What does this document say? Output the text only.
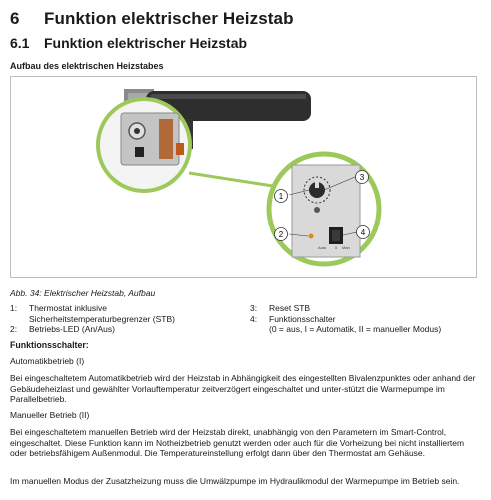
6 Funktion elektrischer Heizstab
6.1 Funktion elektrischer Heizstab
Aufbau des elektrischen Heizstabes
Auto 0 Man
1
3
2	4
Abb. 34: Elektrischer Heizstab, Aufbau
1: Thermostat inklusive
Sicherheitstemperaturbegrenzer (STB)
2: Betriebs-LED (An/Aus)
3: Reset STB
4: Funktionsschalter
(0 = aus, I = Automatik, II = manueller Modus)
Funktionsschalter:
Automatikbetrieb (I)
Bei eingeschaltetem Automatikbetrieb wird der Heizstab in Abhängigkeit des eingestellten Bivalenzpunktes oder anhand der Gebäudeheizlast und gewählter Vorlauftemperatur zeitverzögert eingeschaltet und unter-stützt die Warmepumpe im Parallelbetrieb.
Manueller Betrieb (II)
Bei eingeschaltetem manuellen Betrieb wird der Heizstab direkt, unabhängig von den Parametern im Smart-Control, eingeschaltet. Diese Funktion kann im Notheizbetrieb genutzt werden oder auch für die Vorheizung bei nicht installiertem oder betriebsfähigem Außenmodul. Die Temperatureinstellung erfolgt dann über den Thermostat am Gehäuse.
Im manuellen Modus der Zusatzheizung muss die Umwälzpumpe im Hydraulikmodul der Warmepumpe im Betrieb sein.
